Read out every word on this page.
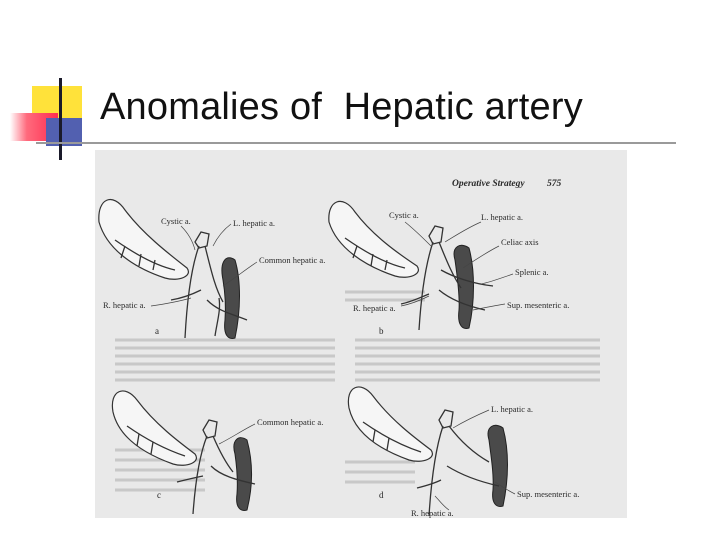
Anomalies of  Hepatic artery
Operative Strategy 575
Cystic a.	L. hepatic a.
Common hepatic a.
R. hepatic a.
a
Cystic a.	L. hepatic a.
Celiac axis
Splenic a.
R. hepatic a.	Sup. mesenteric a.
b
Common hepatic a.
c
L. hepatic a.
Sup. mesenteric a.
R. hepatic a.
d
